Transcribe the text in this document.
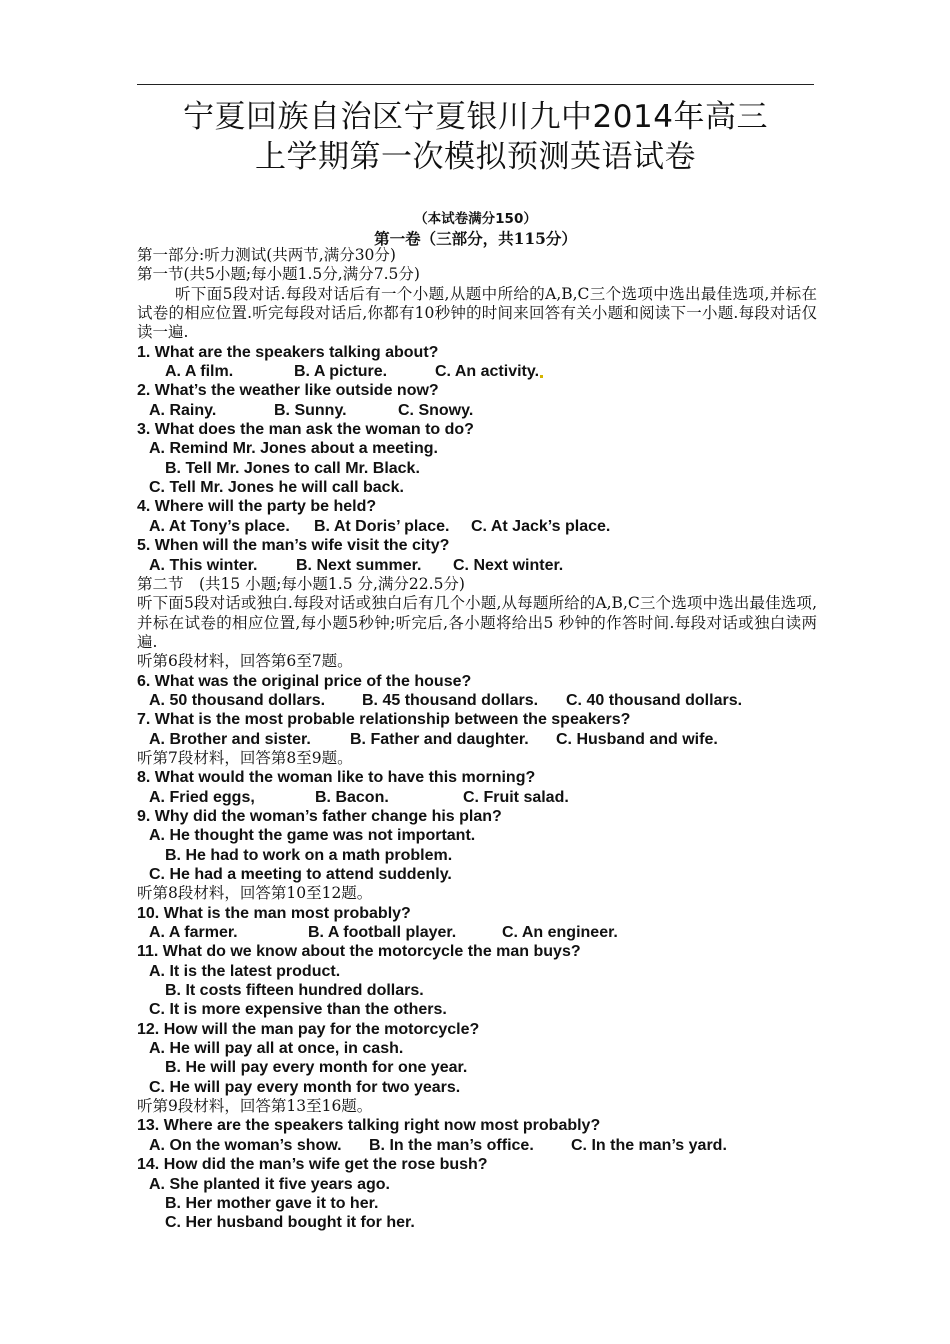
宁夏回族自治区宁夏银川九中2014年高三
上学期第一次模拟预测英语试卷
（本试卷满分150）
第一卷（三部分，共115分）
第一部分:听力测试(共两节,满分30分)
第一节(共5小题;每小题1.5分,满分7.5分)
听下面5段对话.每段对话后有一个小题,从题中所给的A,B,C三个选项中选出最佳选项,并标在试卷的相应位置.听完每段对话后,你都有10秒钟的时间来回答有关小题和阅读下一小题.每段对话仅读一遍.
1. What are the speakers talking about?
A. A film.	B. A picture.	C. An activity.
2. What’s the weather like outside now?
A. Rainy.	B. Sunny.	C. Snowy.
3. What does the man ask the woman to do?
A. Remind Mr. Jones about a meeting.
B. Tell Mr. Jones to call Mr. Black.
C. Tell Mr. Jones he will call back.
4. Where will the party be held?
A. At Tony’s place. B. At Doris’ place. C. At Jack’s place.
5. When will the man’s wife visit the city?
A. This winter. B. Next summer. C. Next winter.
第二节　(共15 小题;每小题1.5 分,满分22.5分)
听下面5段对话或独白.每段对话或独白后有几个小题,从每题所给的A,B,C三个选项中选出最佳选项,并标在试卷的相应位置,每小题5秒钟;听完后,各小题将给出5 秒钟的作答时间.每段对话或独白读两遍.
听第6段材料，回答第6至7题。
6. What was the original price of the house?
A. 50 thousand dollars. B. 45 thousand dollars. C. 40 thousand dollars.
7. What is the most probable relationship between the speakers?
A. Brother and sister. B. Father and daughter. C. Husband and wife.
听第7段材料，回答第8至9题。
8. What would the woman like to have this morning?
A. Fried eggs,	B. Bacon.	C. Fruit salad.
9. Why did the woman’s father change his plan?
A. He thought the game was not important.
B. He had to work on a math problem.
C. He had a meeting to attend suddenly.
听第8段材料，回答第10至12题。
10. What is the man most probably?
A. A farmer.	B. A football player.	C. An engineer.
11. What do we know about the motorcycle the man buys?
A. It is the latest product.
B. It costs fifteen hundred dollars.
C. It is more expensive than the others.
12. How will the man pay for the motorcycle?
A. He will pay all at once, in cash.
B. He will pay every month for one year.
C. He will pay every month for two years.
听第9段材料，回答第13至16题。
13. Where are the speakers talking right now most probably?
A. On the woman’s show. B. In the man’s office. C. In the man’s yard.
14. How did the man’s wife get the rose bush?
A. She planted it five years ago.
B. Her mother gave it to her.
C. Her husband bought it for her.
